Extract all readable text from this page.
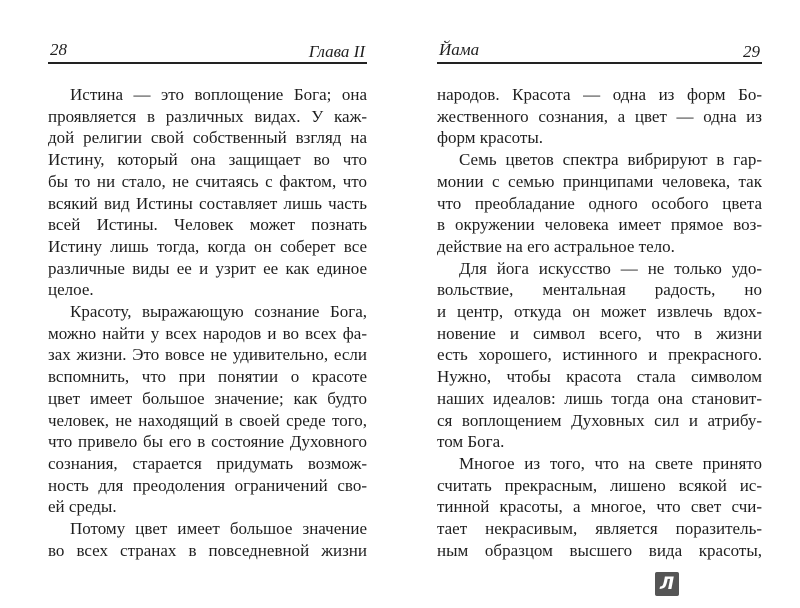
28	Глава II
Истина — это воплощение Бога; она
проявляется в различных видах. У каж-
дой религии свой собственный взгляд на
Истину, который она защищает во что
бы то ни стало, не считаясь с фактом, что
всякий вид Истины составляет лишь часть
всей Истины. Человек может познать
Истину лишь тогда, когда он соберет все
различные виды ее и узрит ее как единое
целое.
Красоту, выражающую сознание Бога,
можно найти у всех народов и во всех фа-
зах жизни. Это вовсе не удивительно, если
вспомнить, что при понятии о красоте
цвет имеет большое значение; как будто
человек, не находящий в своей среде того,
что привело бы его в состояние Духовного
сознания, старается придумать возмож-
ность для преодоления ограничений сво-
ей среды.
Потому цвет имеет большое значение
во всех странах в повседневной жизни
Йама	29
народов. Красота — одна из форм Бо-
жественного сознания, а цвет — одна из
форм красоты.
Семь цветов спектра вибрируют в гар-
монии с семью принципами человека, так
что преобладание одного особого цвета
в окружении человека имеет прямое воз-
действие на его астральное тело.
Для йога искусство — не только удо-
вольствие, ментальная радость, но
и центр, откуда он может извлечь вдох-
новение и символ всего, что в жизни
есть хорошего, истинного и прекрасного.
Нужно, чтобы красота стала символом
наших идеалов: лишь тогда она становит-
ся воплощением Духовных сил и атрибу-
том Бога.
Многое из того, что на свете принято
считать прекрасным, лишено всякой ис-
тинной красоты, а многое, что свет счи-
тает некрасивым, является поразитель-
ным образцом высшего вида красоты,
Л
